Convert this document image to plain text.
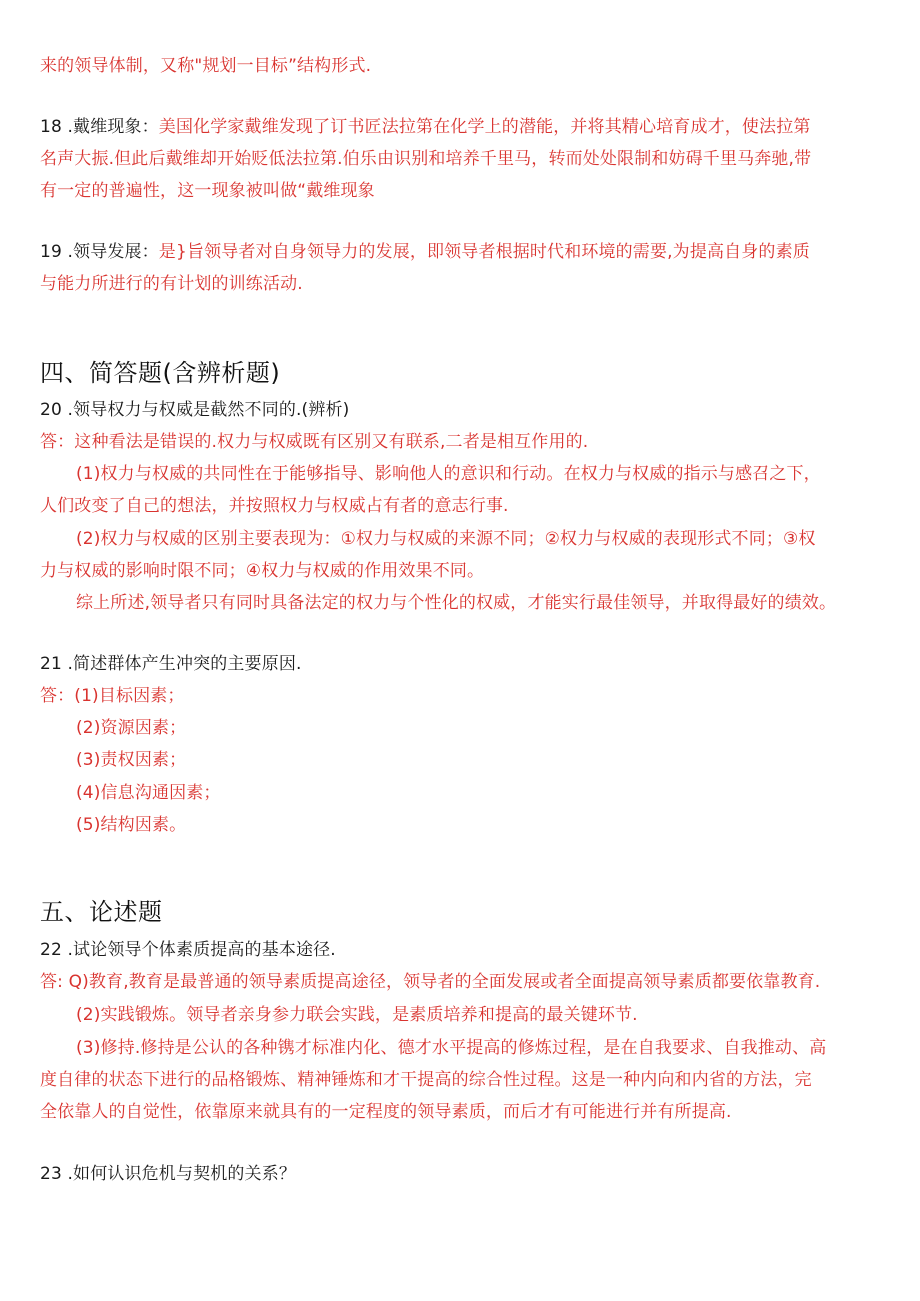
来的领导体制，又称"规划一目标”结构形式.
18 .戴维现象：美国化学家戴维发现了订书匠法拉第在化学上的潜能，并将其精心培育成才，使法拉第
名声大振.但此后戴维却开始贬低法拉第.伯乐由识别和培养千里马，转而处处限制和妨碍千里马奔驰,带
有一定的普遍性，这一现象被叫做“戴维现象
19 .领导发展：是}旨领导者对自身领导力的发展，即领导者根据时代和环境的需要,为提高自身的素质
与能力所进行的有计划的训练活动.
四、简答题(含辨析题)
20 .领导权力与权威是截然不同的.(辨析)
答：这种看法是错误的.权力与权威既有区别又有联系,二者是相互作用的.
(1)权力与权威的共同性在于能够指导、影响他人的意识和行动。在权力与权威的指示与感召之下，
人们改变了自己的想法，并按照权力与权威占有者的意志行事.
(2)权力与权威的区别主要表现为：①权力与权威的来源不同；②权力与权威的表现形式不同；③权
力与权威的影响时限不同；④权力与权威的作用效果不同。
综上所述,领导者只有同时具备法定的权力与个性化的权威，才能实行最佳领导，并取得最好的绩效。
21 .简述群体产生冲突的主要原因.
答：(1)目标因素；
(2)资源因素；
(3)责权因素；
(4)信息沟通因素；
(5)结构因素。
五、论述题
22 .试论领导个体素质提高的基本途径.
答: Q)教育,教育是最普通的领导素质提高途径，领导者的全面发展或者全面提高领导素质都要依靠教育.
(2)实践锻炼。领导者亲身参力联会实践，是素质培养和提高的最关键环节.
(3)修持.修持是公认的各种镌才标准内化、德才水平提高的修炼过程，是在自我要求、自我推动、高
度自律的状态下进行的品格锻炼、精神锤炼和才干提高的综合性过程。这是一种内向和内省的方法，完
全依靠人的自觉性，依靠原来就具有的一定程度的领导素质，而后才有可能进行并有所提高.
23 .如何认识危机与契机的关系？
